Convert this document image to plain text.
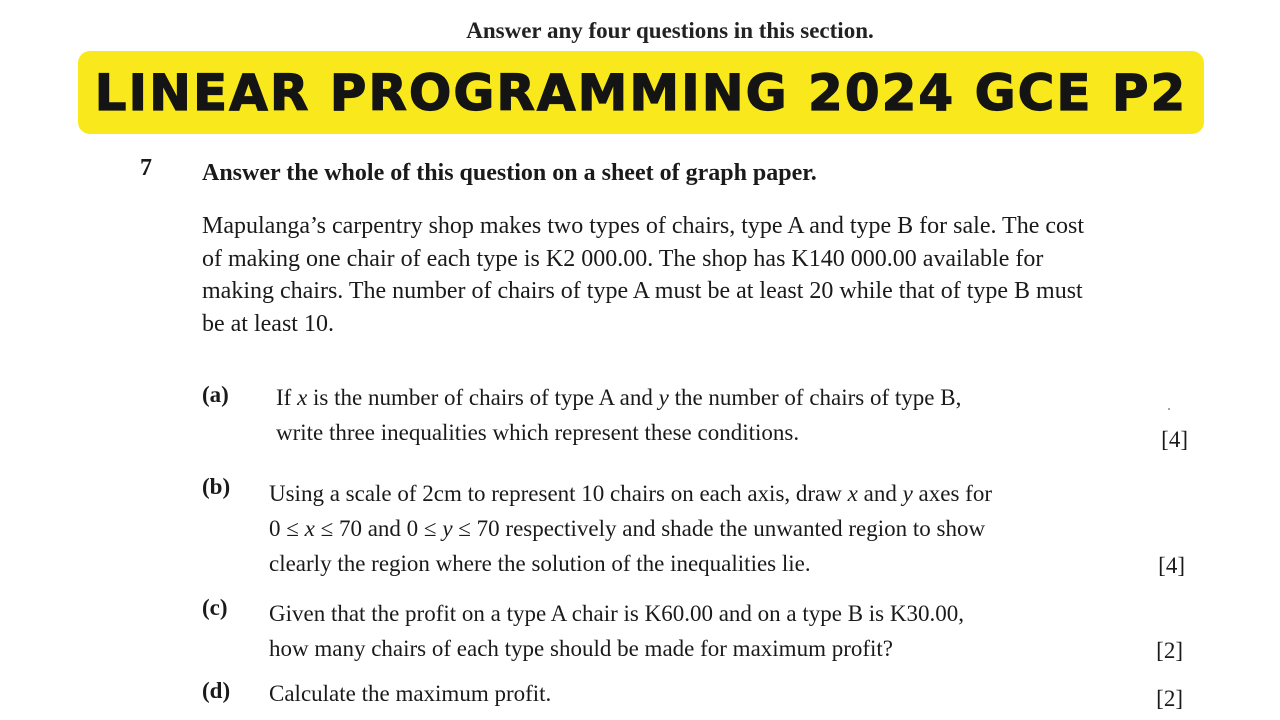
Answer any four questions in this section.
LINEAR PROGRAMMING 2024 GCE P2
7 Answer the whole of this question on a sheet of graph paper.
Mapulanga’s carpentry shop makes two types of chairs, type A and type B for sale. The cost
of making one chair of each type is K2 000.00. The shop has K140 000.00 available for
making chairs. The number of chairs of type A must be at least 20 while that of type B must
be at least 10.
(a) If x is the number of chairs of type A and y the number of chairs of type B,
write three inequalities which represent these conditions.	[4]
(b) Using a scale of 2cm to represent 10 chairs on each axis, draw x and y axes for
0 ≤ x ≤ 70 and 0 ≤ y ≤ 70 respectively and shade the unwanted region to show
clearly the region where the solution of the inequalities lie.	[4]
(c) Given that the profit on a type A chair is K60.00 and on a type B is K30.00,
how many chairs of each type should be made for maximum profit?	[2]
(d) Calculate the maximum profit.	[2]
